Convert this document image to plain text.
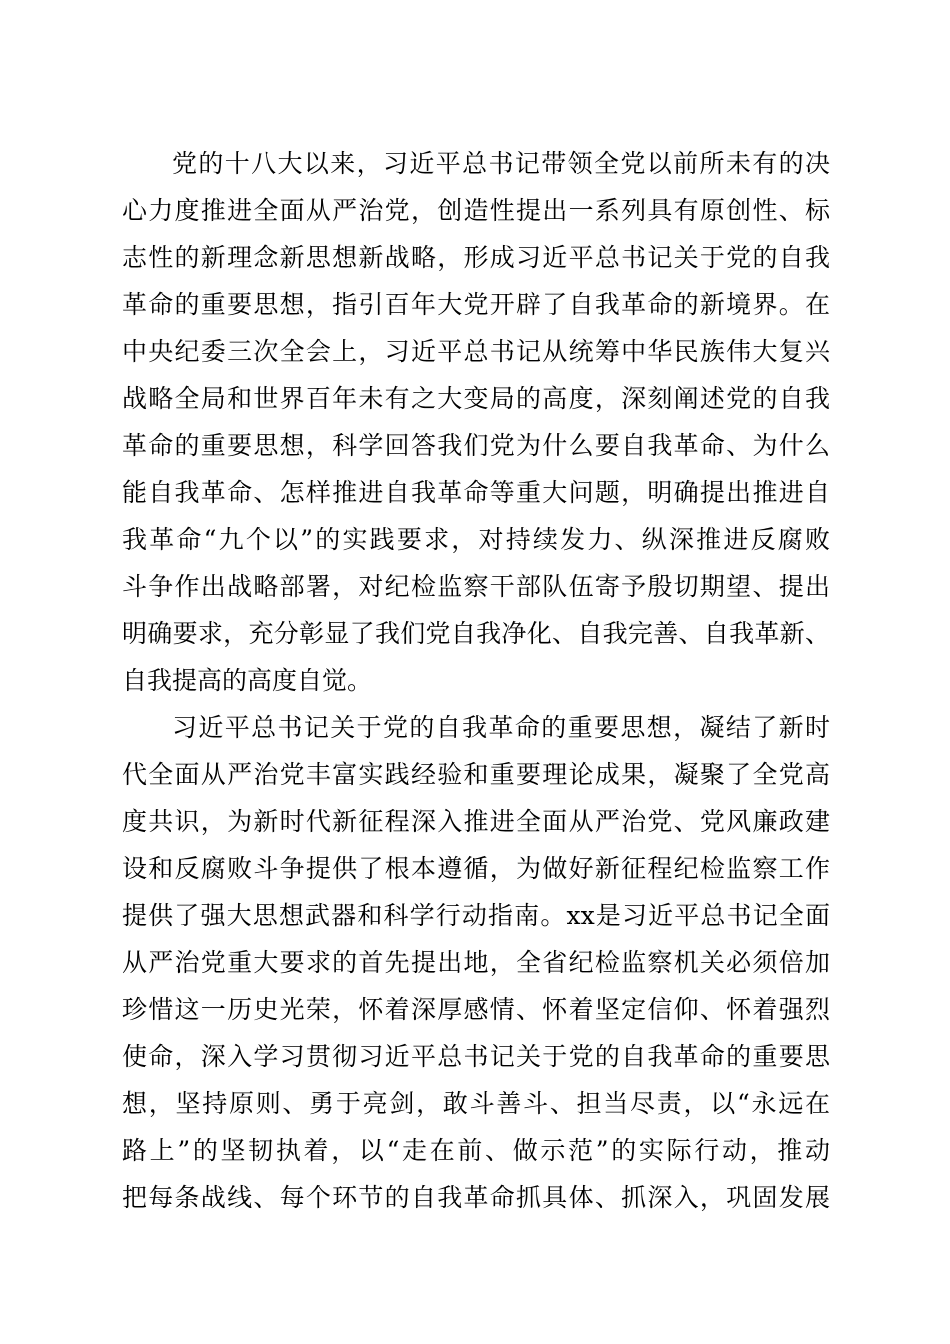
党的十八大以来，习近平总书记带领全党以前所未有的决
心力度推进全面从严治党，创造性提出一系列具有原创性、标
志性的新理念新思想新战略，形成习近平总书记关于党的自我
革命的重要思想，指引百年大党开辟了自我革命的新境界。在
中央纪委三次全会上，习近平总书记从统筹中华民族伟大复兴
战略全局和世界百年未有之大变局的高度，深刻阐述党的自我
革命的重要思想，科学回答我们党为什么要自我革命、为什么
能自我革命、怎样推进自我革命等重大问题，明确提出推进自
我革命“九个以”的实践要求，对持续发力、纵深推进反腐败
斗争作出战略部署，对纪检监察干部队伍寄予殷切期望、提出
明确要求，充分彰显了我们党自我净化、自我完善、自我革新、
自我提高的高度自觉。
习近平总书记关于党的自我革命的重要思想，凝结了新时
代全面从严治党丰富实践经验和重要理论成果，凝聚了全党高
度共识，为新时代新征程深入推进全面从严治党、党风廉政建
设和反腐败斗争提供了根本遵循，为做好新征程纪检监察工作
提供了强大思想武器和科学行动指南。xx是习近平总书记全面
从严治党重大要求的首先提出地，全省纪检监察机关必须倍加
珍惜这一历史光荣，怀着深厚感情、怀着坚定信仰、怀着强烈
使命，深入学习贯彻习近平总书记关于党的自我革命的重要思
想，坚持原则、勇于亮剑，敢斗善斗、担当尽责，以“永远在
路上”的坚韧执着，以“走在前、做示范”的实际行动，推动
把每条战线、每个环节的自我革命抓具体、抓深入，巩固发展
